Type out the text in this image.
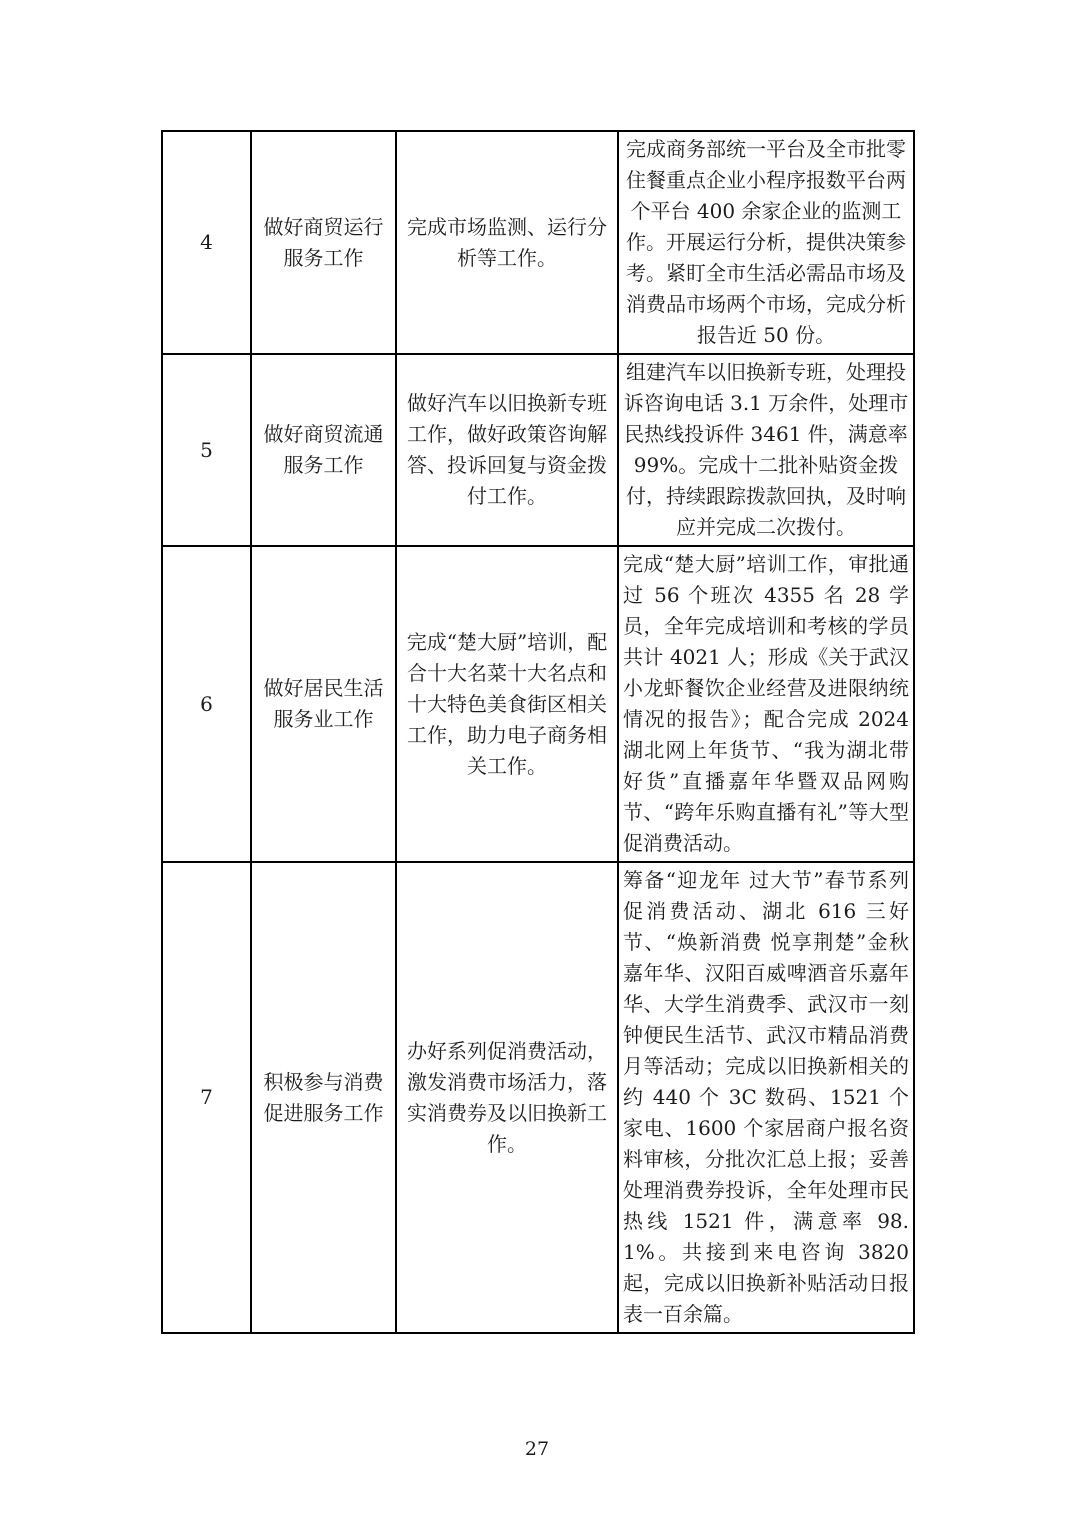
4	做好商贸运行服务工作	完成市场监测、运行分析等工作。	完成商务部统一平台及全市批零住餐重点企业小程序报数平台两个平台 400 余家企业的监测工作。开展运行分析，提供决策参考。紧盯全市生活必需品市场及消费品市场两个市场，完成分析报告近 50 份。
5	做好商贸流通服务工作	做好汽车以旧换新专班工作，做好政策咨询解答、投诉回复与资金拨付工作。	组建汽车以旧换新专班，处理投诉咨询电话 3.1 万余件，处理市民热线投诉件 3461 件，满意率 99%。完成十二批补贴资金拨付，持续跟踪拨款回执，及时响应并完成二次拨付。
6	做好居民生活服务业工作	完成“楚大厨”培训，配合十大名菜十大名点和十大特色美食街区相关工作，助力电子商务相关工作。	完成“楚大厨”培训工作，审批通过 56 个班次 4355 名 28 学员，全年完成培训和考核的学员共计 4021 人；形成《关于武汉小龙虾餐饮企业经营及进限纳统情况的报告》；配合完成 2024 湖北网上年货节、“我为湖北带好货”直播嘉年华暨双品网购节、“跨年乐购直播有礼”等大型促消费活动。
7	积极参与消费促进服务工作	办好系列促消费活动，激发消费市场活力，落实消费券及以旧换新工作。	筹备“迎龙年 过大节”春节系列促消费活动、湖北 616 三好节、“焕新消费 悦享荆楚”金秋嘉年华、汉阳百威啤酒音乐嘉年华、大学生消费季、武汉市一刻钟便民生活节、武汉市精品消费月等活动；完成以旧换新相关的约 440 个 3C 数码、1521 个家电、1600 个家居商户报名资料审核，分批次汇总上报；妥善处理消费券投诉，全年处理市民热线 1521 件，满意率 98.1%。共接到来电咨询 3820 起，完成以旧换新补贴活动日报表一百余篇。
27
